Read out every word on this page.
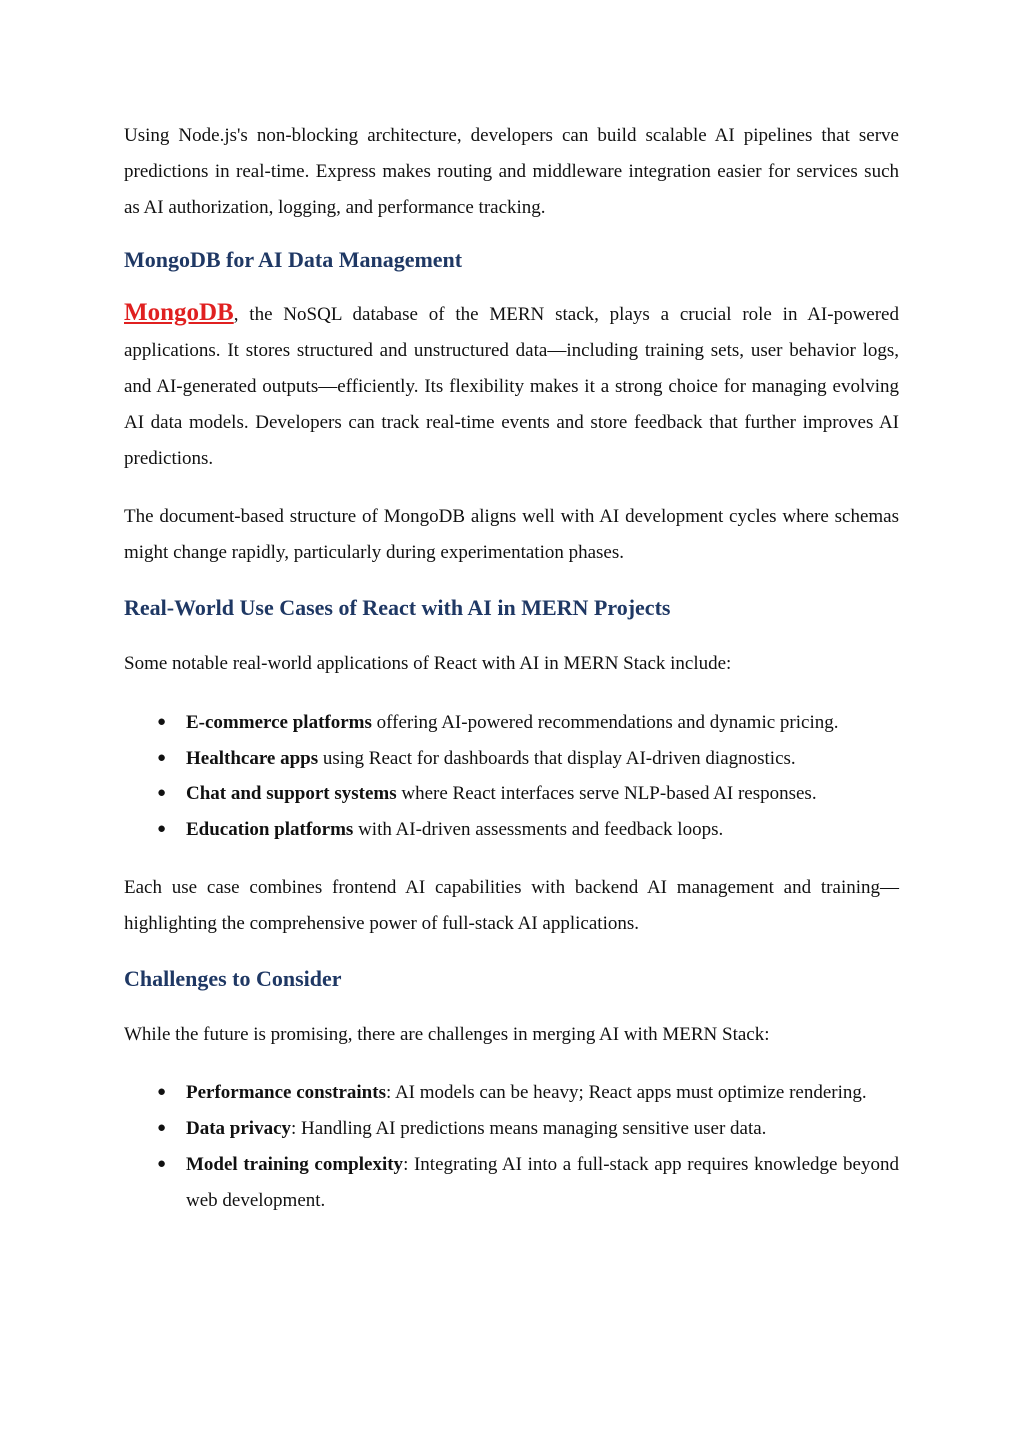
Using Node.js's non-blocking architecture, developers can build scalable AI pipelines that serve predictions in real-time. Express makes routing and middleware integration easier for services such as AI authorization, logging, and performance tracking.

MongoDB for AI Data Management

MongoDB, the NoSQL database of the MERN stack, plays a crucial role in AI-powered applications. It stores structured and unstructured data—including training sets, user behavior logs, and AI-generated outputs—efficiently. Its flexibility makes it a strong choice for managing evolving AI data models. Developers can track real-time events and store feedback that further improves AI predictions.

The document-based structure of MongoDB aligns well with AI development cycles where schemas might change rapidly, particularly during experimentation phases.

Real-World Use Cases of React with AI in MERN Projects

Some notable real-world applications of React with AI in MERN Stack include:

● E-commerce platforms offering AI-powered recommendations and dynamic pricing.
● Healthcare apps using React for dashboards that display AI-driven diagnostics.
● Chat and support systems where React interfaces serve NLP-based AI responses.
● Education platforms with AI-driven assessments and feedback loops.

Each use case combines frontend AI capabilities with backend AI management and training—highlighting the comprehensive power of full-stack AI applications.

Challenges to Consider

While the future is promising, there are challenges in merging AI with MERN Stack:

● Performance constraints: AI models can be heavy; React apps must optimize rendering.
● Data privacy: Handling AI predictions means managing sensitive user data.
● Model training complexity: Integrating AI into a full-stack app requires knowledge beyond web development.
